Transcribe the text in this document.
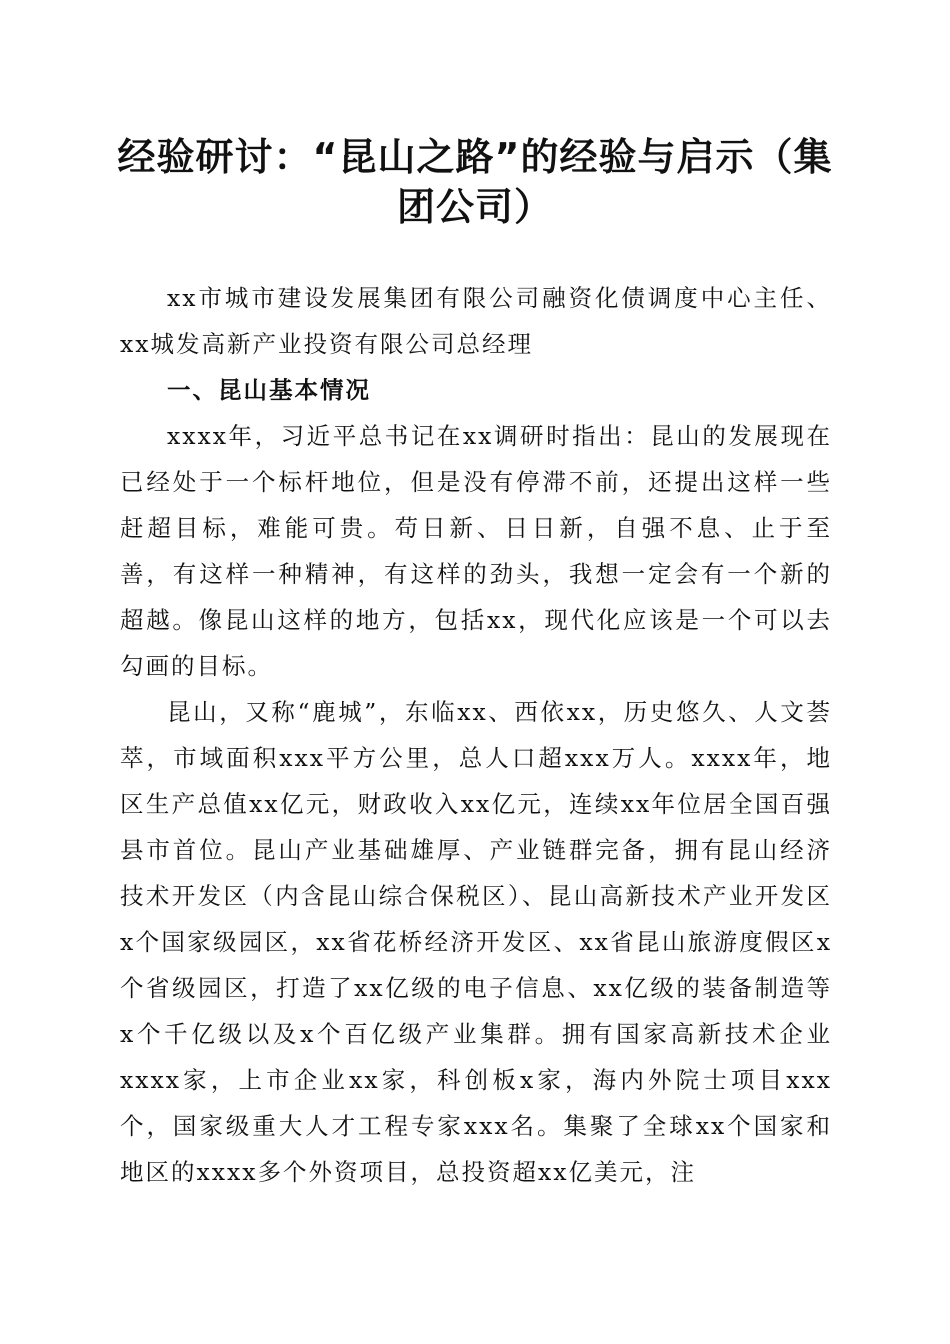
经验研讨：“昆山之路”的经验与启示（集团公司）

xx市城市建设发展集团有限公司融资化债调度中心主任、xx城发高新产业投资有限公司总经理

一、昆山基本情况

xxxx年，习近平总书记在xx调研时指出：昆山的发展现在已经处于一个标杆地位，但是没有停滞不前，还提出这样一些赶超目标，难能可贵。苟日新、日日新，自强不息、止于至善，有这样一种精神，有这样的劲头，我想一定会有一个新的超越。像昆山这样的地方，包括xx，现代化应该是一个可以去勾画的目标。

昆山，又称“鹿城”，东临xx、西依xx，历史悠久、人文荟萃，市域面积xxx平方公里，总人口超xxx万人。xxxx年，地区生产总值xx亿元，财政收入xx亿元，连续xx年位居全国百强县市首位。昆山产业基础雄厚、产业链群完备，拥有昆山经济技术开发区（内含昆山综合保税区）、昆山高新技术产业开发区x个国家级园区，xx省花桥经济开发区、xx省昆山旅游度假区x个省级园区，打造了xx亿级的电子信息、xx亿级的装备制造等x个千亿级以及x个百亿级产业集群。拥有国家高新技术企业xxxx家，上市企业xx家，科创板x家，海内外院士项目xxx个，国家级重大人才工程专家xxx名。集聚了全球xx个国家和地区的xxxx多个外资项目，总投资超xx亿美元，注
